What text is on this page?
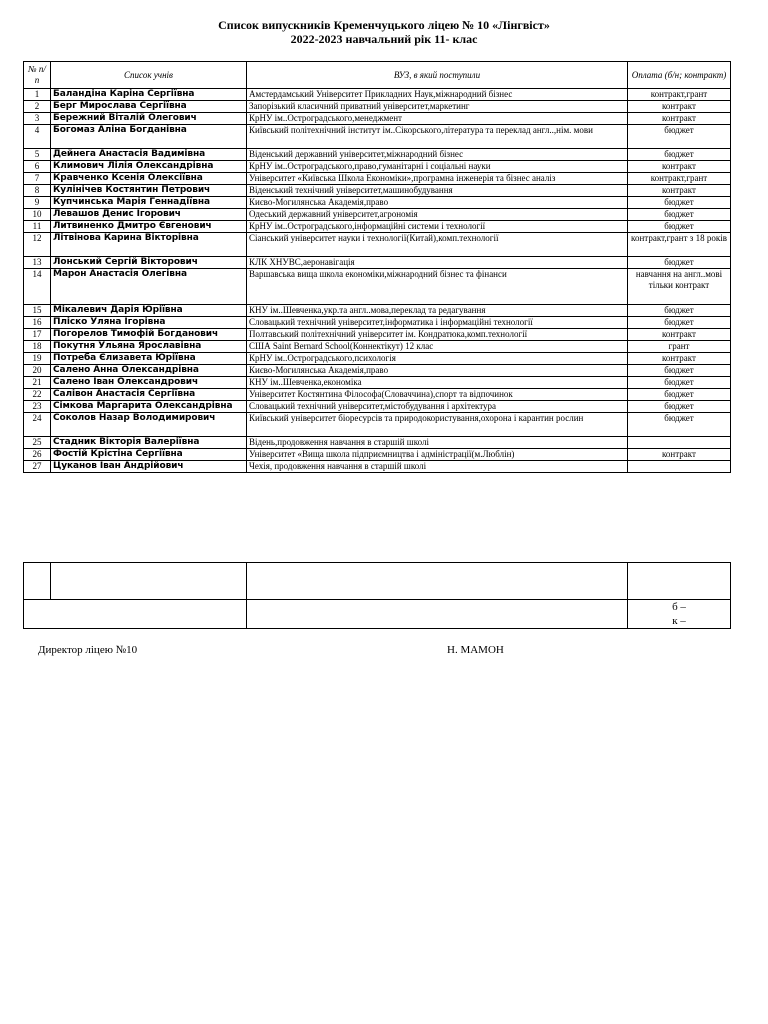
Список випускників Кременчуцького ліцею № 10 «Лінгвіст»
2022-2023 навчальний рік 11- клас
№ п/п	Список учнів	ВУЗ, в який поступили	Оплата (б/н; контракт)
1	Баландіна Каріна Сергіївна	Амстердамський Університет Прикладних Наук,міжнародний бізнес	контракт,грант
2	Берг Мирослава Сергіївна	Запорізький класичний приватний університет,маркетинг	контракт
3	Бережний Віталій Олегович	КрНУ ім..Остроградського,менеджмент	контракт
4	Богомаз Аліна Богданівна	Київський політехнічний інститут ім..Сікорського,література та переклад англ..,нім. мови	бюджет
5	Дейнега Анастасія Вадимівна	Віденський державний університет,міжнародний бізнес	бюджет
6	Климович Лілія Олександрівна	КрНУ ім..Остроградського,право,гуманітарні і соціальні науки	контракт
7	Кравченко Ксенія Олексіївна	Університет «Київська Школа Економіки»,програмна інженерія та бізнес аналіз	контракт,грант
8	Кулінічев Костянтин Петрович	Віденський технічний університет,машинобудування	контракт
9	Купчинська Марія Геннадіївна	Києво-Могилянська Академія,право	бюджет
10	Левашов Денис Ігорович	Одеський державний університет,агрономія	бюджет
11	Литвиненко Дмитро Євгенович	КрНУ ім..Остроградського,інформаційні системи і технології	бюджет
12	Літвінова Карина Вікторівна	Сіанський університет науки і технології(Китай),комп.технології	контракт,грант з 18 років
13	Лонський Сергій Вікторович	КЛК ХНУВС,аеронавігація	бюджет
14	Марон Анастасія Олегівна	Варшавська вища школа економіки,міжнародний бізнес та фінанси	навчання на англ..мові тільки контракт
15	Мікалевич Дарія Юріївна	КНУ ім..Шевченка,укр.та англ..мова,переклад та редагування	бюджет
16	Пліско Уляна Ігорівна	Словацький технічний університет,інформатика і інформаційні технології	бюджет
17	Погорелов Тимофій Богданович	Полтавський політехнічний університет ім. Кондратюка,комп.технології	контракт
18	Покутня Ульяна Ярославівна	США Saint Bernard School(Коннектікут) 12 клас	грант
19	Потреба Єлизавета Юріївна	КрНУ ім..Остроградського,психологія	контракт
20	Салено Анна Олександрівна	Києво-Могилянська Академія,право	бюджет
21	Салено Іван Олександрович	КНУ ім..Шевченка,економіка	бюджет
22	Салівон Анастасія Сергіївна	Університет Костянтина Філософа(Словаччина),спорт та відпочинок	бюджет
23	Сімкова Маргарита Олександрівна	Словацький технічний університет,містобудування і архітектура	бюджет
24	Соколов Назар Володимирович	Київський університет біоресурсів та природокористування,охорона і карантин рослин	бюджет
25	Стадник Вікторія Валеріївна	Відень,продовження навчання в старшій школі	
26	Фостій Крістіна Сергіївна	Університет «Вища школа підприємництва і адміністрації(м.Люблін)	контракт
27	Цуканов Іван Андрійович	Чехія, продовження навчання в старшій школі	

			б –
к –
Директор ліцею №10	Н. МАМОН
